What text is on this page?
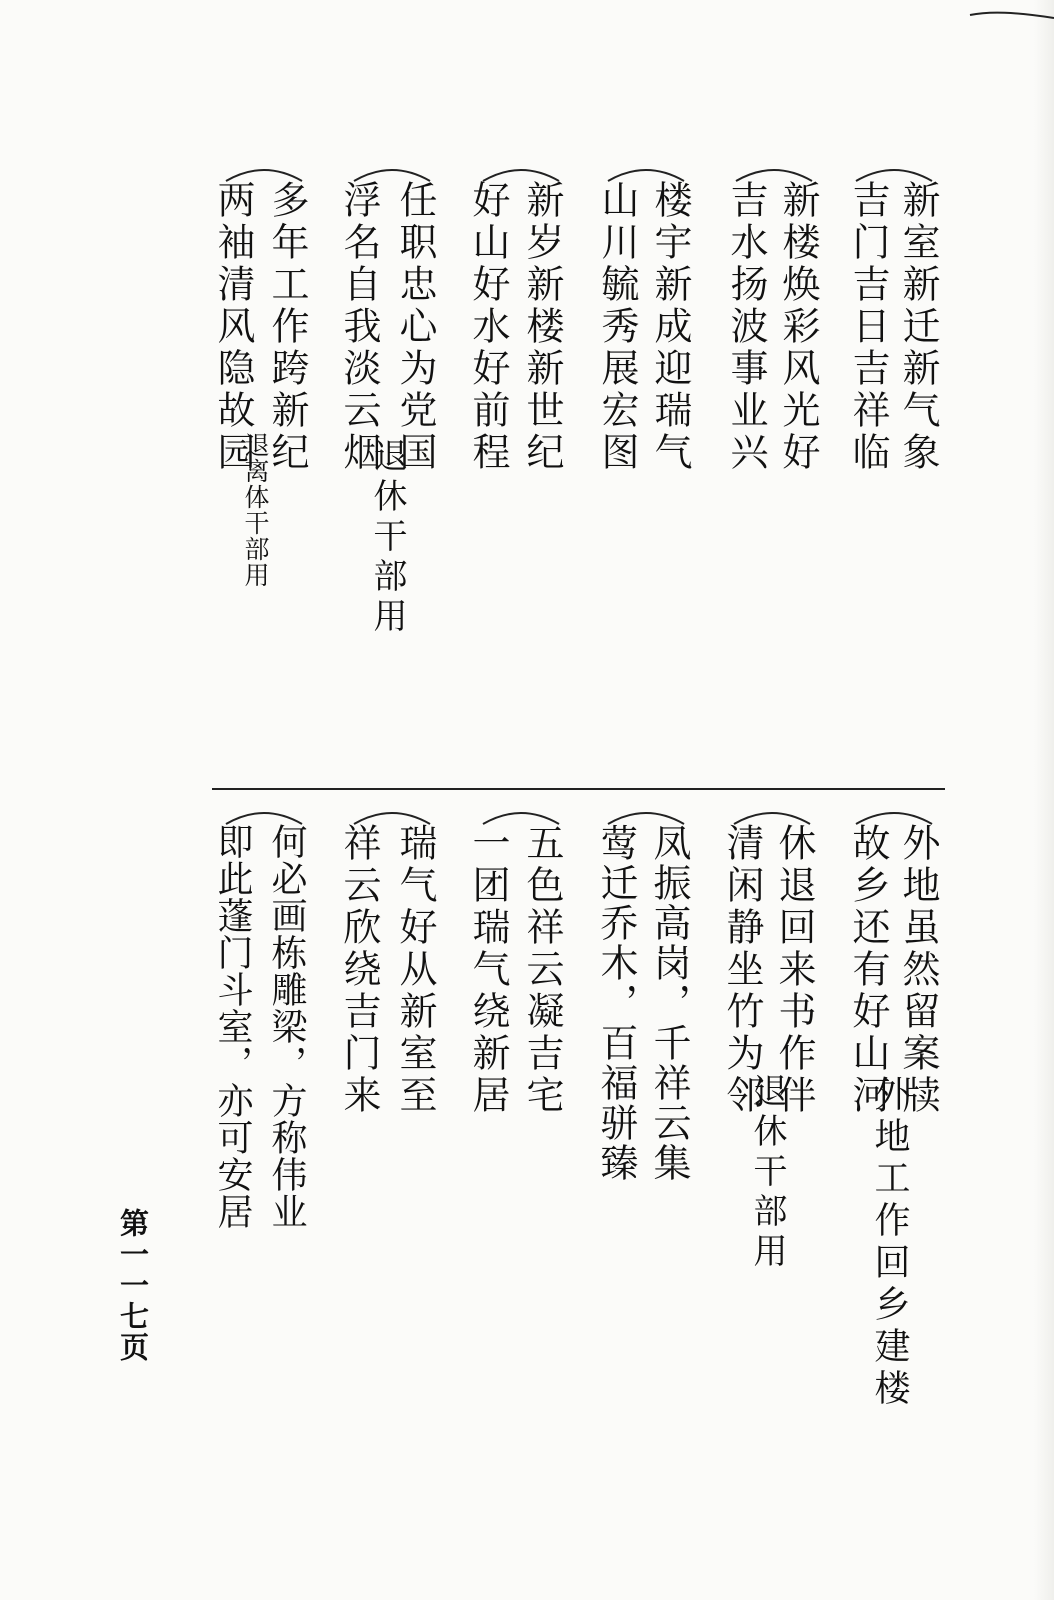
新室新迁新气象
吉门吉日吉祥临
新楼焕彩风光好
吉水扬波事业兴
楼宇新成迎瑞气
山川毓秀展宏图
新岁新楼新世纪
好山好水好前程
任职忠心为党国
浮名自我淡云烟
退休干部用
多年工作跨新纪
两袖清风隐故园
退离体干部用
外地虽然留案牍
故乡还有好山河
外地工作回乡建楼
休退回来书作伴
清闲静坐竹为邻
退休干部用
凤振高岗，千祥云集
莺迁乔木，百福骈臻
五色祥云凝吉宅
一团瑞气绕新居
瑞气好从新室至
祥云欣绕吉门来
何必画栋雕梁，方称伟业
即此蓬门斗室，亦可安居
第一一七页
